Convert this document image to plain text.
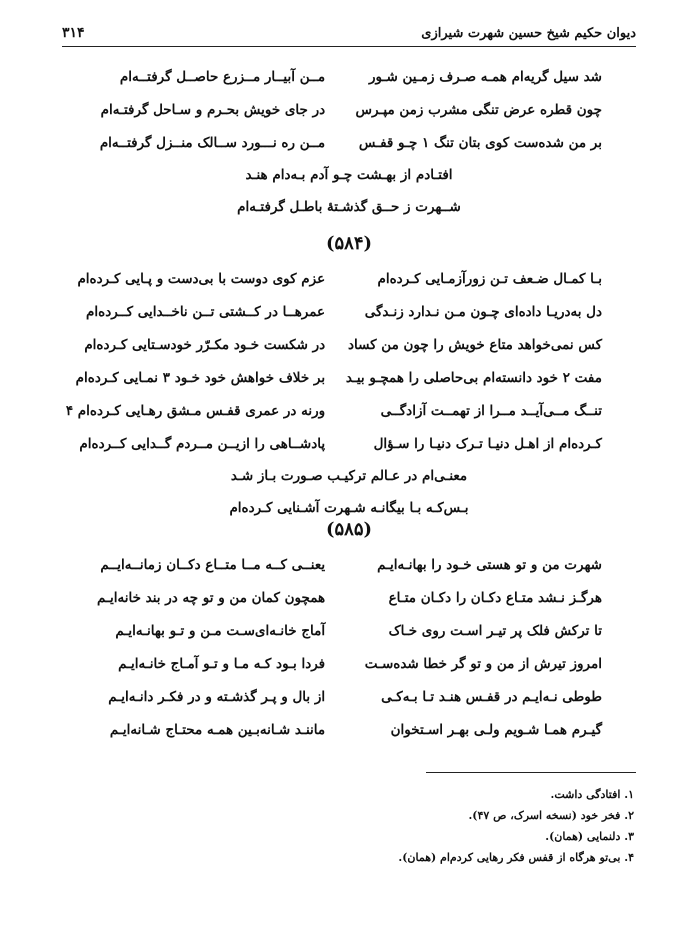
دیوان حکیم شیخ حسین شهرت شیرازی
۳۱۴
شد سیل گریه‌ام همـه صـرف زمـین شـور
مــن آبیــار مــزرع حاصــل گرفتــه‌ام
چون قطره عرض تنگی مشرب زمن مپـرس
در جای خویش بحـرم و سـاحل گرفتـه‌ام
بر من شده‌ست کوی بتان تنگ ۱ چـو قفـس
مــن ره نـــورد ســالک منــزل گرفتــه‌ام
افتـادم از بهـشت چـو آدم بـه‌دام هنـد
شــهرت ز حــق گذشـتهٔ باطـل گرفتـه‌ام
(۵۸۴)
بـا کمـال ضـعف تـن زورآزمـایی کـرده‌ام
عزم کوی دوست با بی‌دست و پـایی کـرده‌ام
دل به‌دریـا داده‌ای چـون مـن نـدارد زنـدگی
عمرهــا در کــشتی تــن ناخــدایی کــرده‌ام
کس نمی‌خواهد متاع خویش را چون من کساد
در شکست خـود مکـرّر خودسـتایی کـرده‌ام
مفت ۲ خود دانسته‌ام بی‌حاصلی را همچـو بیـد
بر خلاف خواهش خود خـود ۳ نمـایی کـرده‌ام
تنــگ مــی‌آیــد مــرا از تهمــت آزادگــی
ورنه در عمری قفـس مـشق رهـایی کـرده‌ام ۴
کـرده‌ام از اهـل دنیـا تـرک دنیـا را سـؤال
پادشــاهی را ازیــن مــردم گــدایی کــرده‌ام
معنـی‌ام در عـالم ترکیـب صـورت بـاز شـد
بـس‌کـه بـا بیگانـه شـهرت آشـنایی کـرده‌ام
(۵۸۵)
شهرت من و تو هستی خـود را بهانـه‌ایـم
یعنــی کــه مــا متــاع دکــان زمانــه‌ایــم
هرگـز نـشد متـاع دکـان را دکـان متـاع
همچون کمان من و تو چه در بند خانه‌ایـم
تا ترکش فلک پر تیـر اسـت روی خـاک
آماج خانـه‌ای‌سـت مـن و تـو بهانـه‌ایـم
امروز تیرش از من و تو گر خطا شده‌سـت
فردا بـود کـه مـا و تـو آمـاج خانـه‌ایـم
طوطی نـه‌ایـم در قفـس هنـد تـا بـه‌کـی
از بال و پـر گذشـته و در فکـر دانـه‌ایـم
گیـرم همـا شـویم ولـی بهـر اسـتخوان
ماننـد شـانه‌بـین همـه محتـاج شـانه‌ایـم
۱. افتادگی داشت.
۲. فخر خود (نسخه اسرک، ص ۴۷).
۳. دلنمایی (همان).
۴. بی‌تو هرگاه از قفس فکر رهایی کردم‌ام (همان).
